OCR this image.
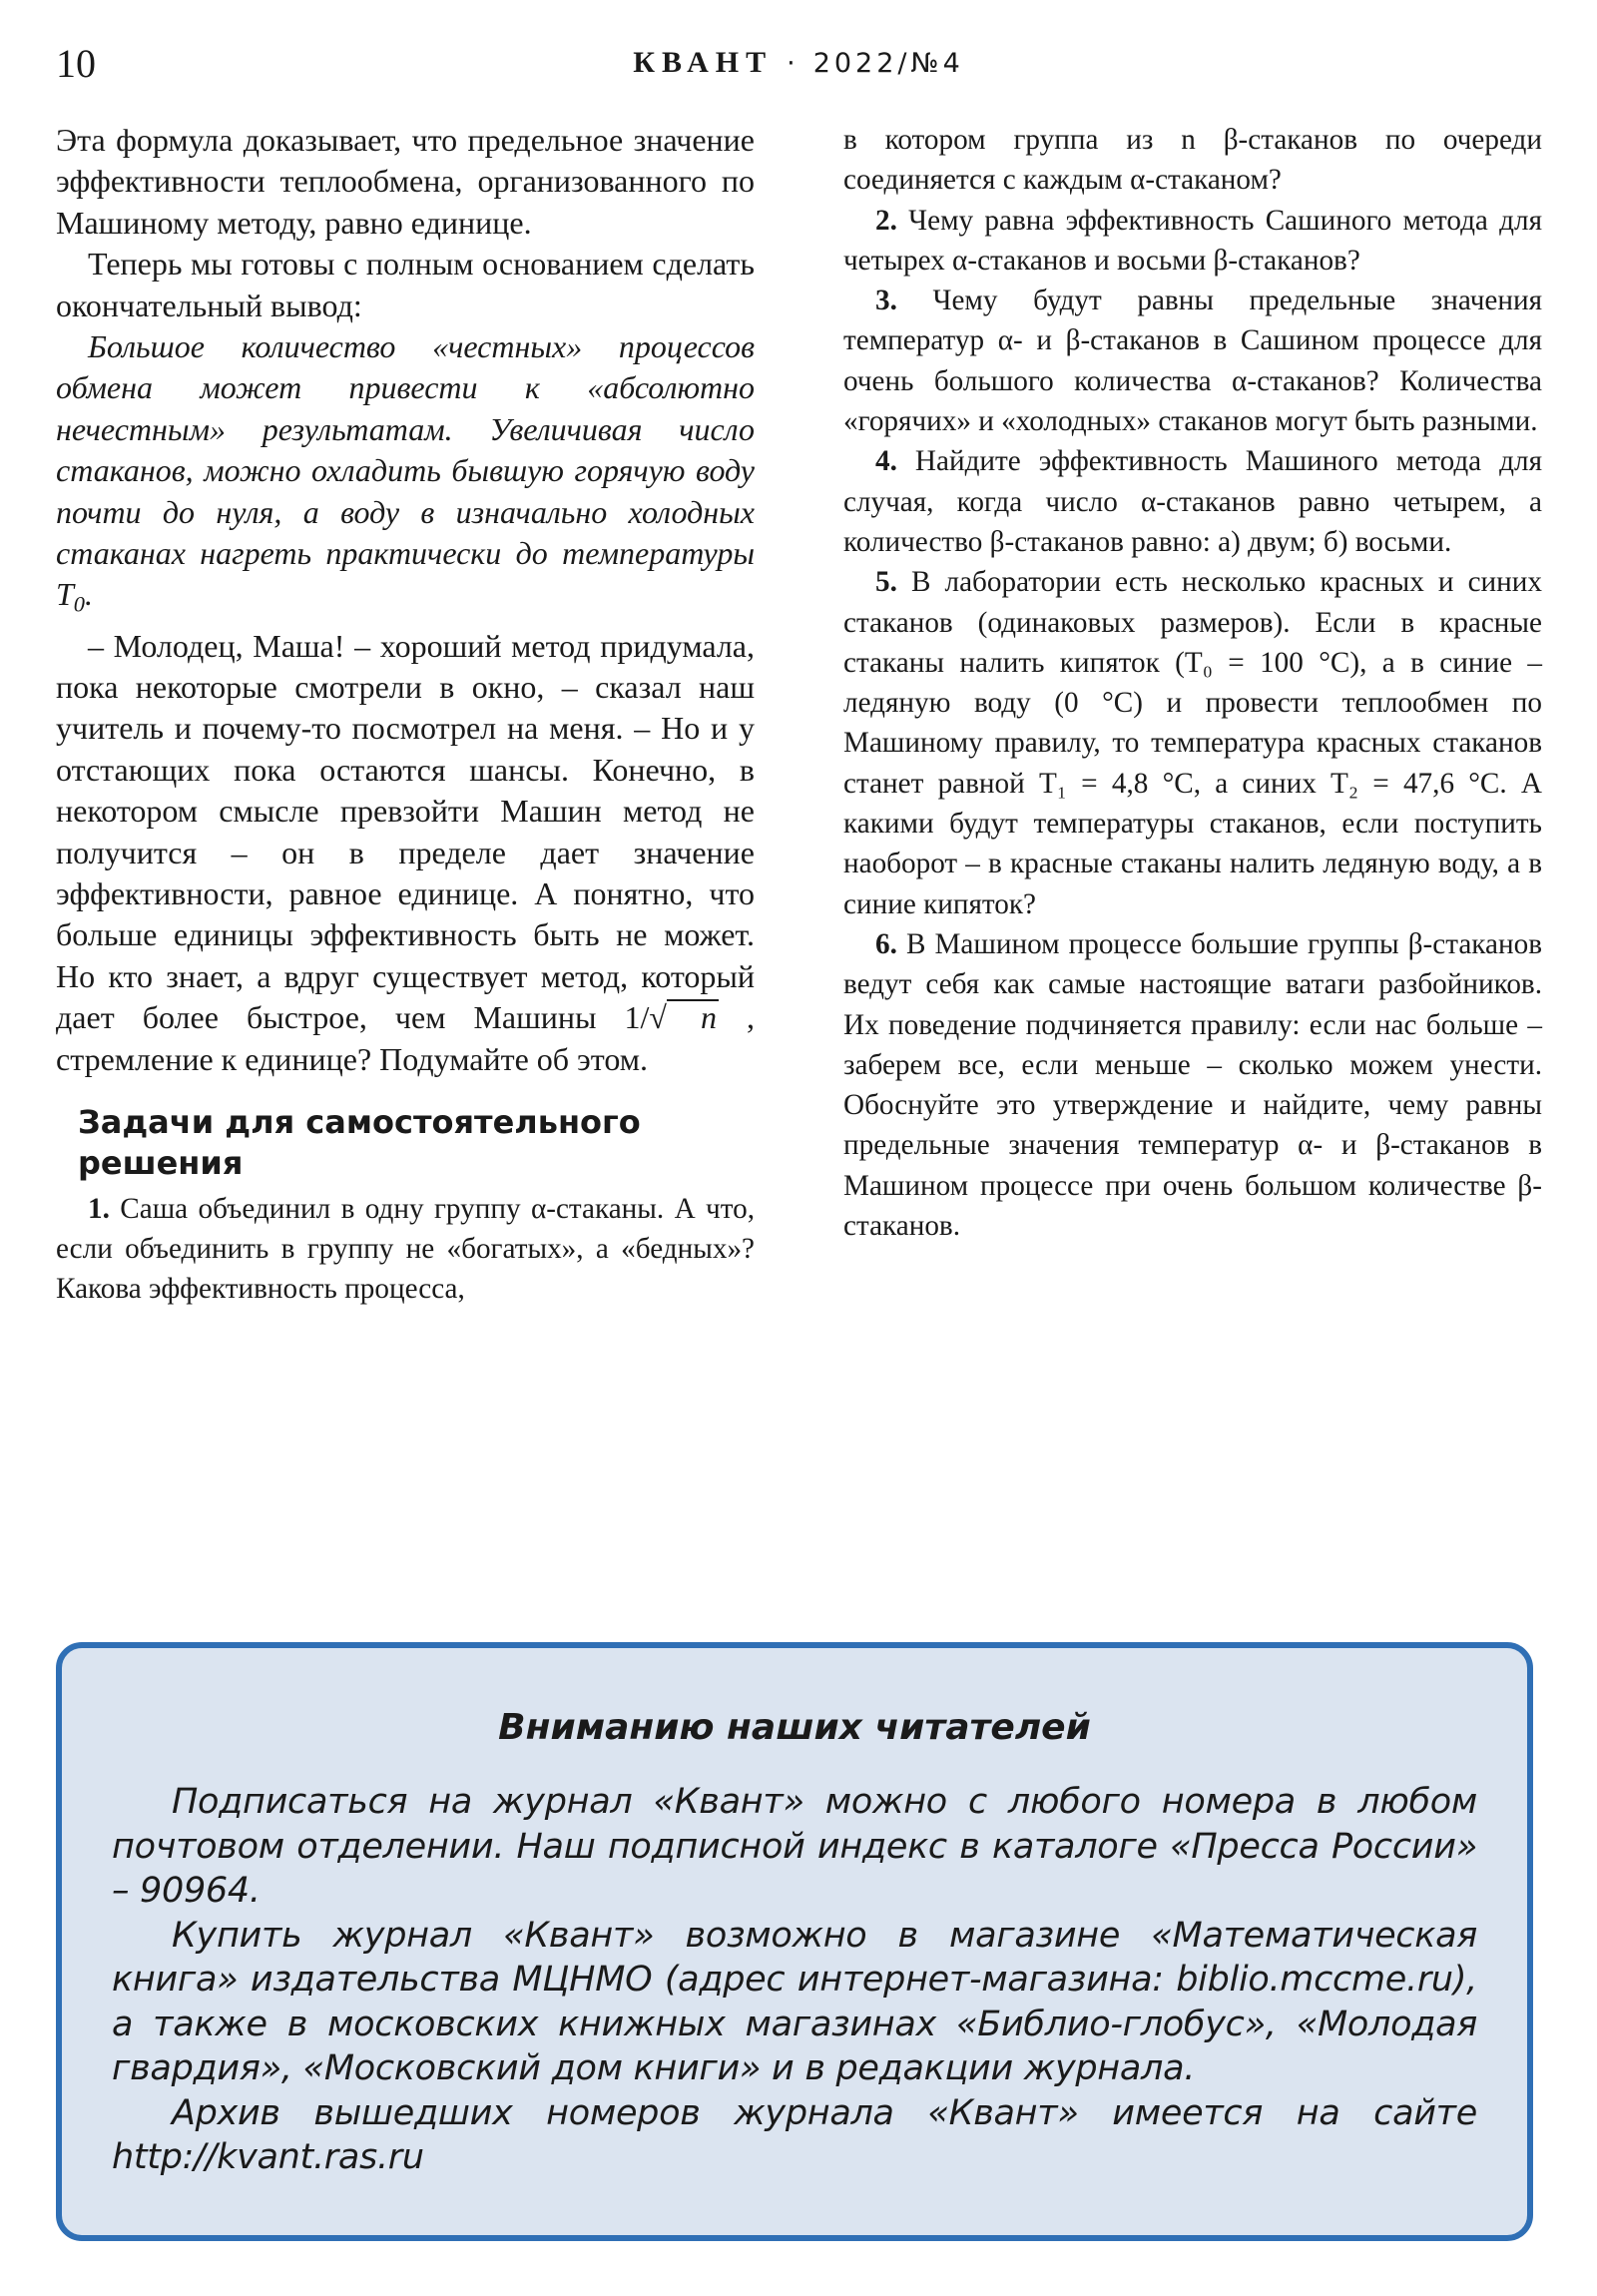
10	КВАНТ · 2022/№4

Эта формула доказывает, что предельное значение эффективности теплообмена, организованного по Машиному методу, равно единице.

Теперь мы готовы с полным основанием сделать окончательный вывод:

Большое количество «честных» процессов обмена может привести к «абсолютно нечестным» результатам. Увеличивая число стаканов, можно охладить бывшую горячую воду почти до нуля, а воду в изначально холодных стаканах нагреть практически до температуры $T_0$.

– Молодец, Маша! – хороший метод придумала, пока некоторые смотрели в окно, – сказал наш учитель и почему-то посмотрел на меня. – Но и у отстающих пока остаются шансы. Конечно, в некотором смысле превзойти Машин метод не получится – он в пределе дает значение эффективности, равное единице. А понятно, что больше единицы эффективность быть не может. Но кто знает, а вдруг существует метод, который дает более быстрое, чем Машины 1/√ n , стремление к единице? Подумайте об этом.

Задачи для самостоятельного решения

1. Саша объединил в одну группу α-стаканы. А что, если объединить в группу не «богатых», а «бедных»? Какова эффективность процесса,

в котором группа из n β-стаканов по очереди соединяется с каждым α-стаканом?

2. Чему равна эффективность Сашиного метода для четырех α-стаканов и восьми β-стаканов?

3. Чему будут равны предельные значения температур α- и β-стаканов в Сашином процессе для очень большого количества α-стаканов? Количества «горячих» и «холодных» стаканов могут быть разными.

4. Найдите эффективность Машиного метода для случая, когда число α-стаканов равно четырем, а количество β-стаканов равно: а) двум; б) восьми.

5. В лаборатории есть несколько красных и синих стаканов (одинаковых размеров). Если в красные стаканы налить кипяток (T₀ = 100 °C), а в синие – ледяную воду (0 °C) и провести теплообмен по Машиному правилу, то температура красных стаканов станет равной T₁ = 4,8 °C, а синих T₂ = 47,6 °C. А какими будут температуры стаканов, если поступить наоборот – в красные стаканы налить ледяную воду, а в синие кипяток?

6. В Машином процессе большие группы β-стаканов ведут себя как самые настоящие ватаги разбойников. Их поведение подчиняется правилу: если нас больше – заберем все, если меньше – сколько можем унести. Обоснуйте это утверждение и найдите, чему равны предельные значения температур α- и β-стаканов в Машином процессе при очень большом количестве β-стаканов.

Вниманию наших читателей

Подписаться на журнал «Квант» можно с любого номера в любом почтовом отделении. Наш подписной индекс в каталоге «Пресса России» – 90964.

Купить журнал «Квант» возможно в магазине «Математическая книга» издательства МЦНМО (адрес интернет-магазина: biblio.mccme.ru), а также в московских книжных магазинах «Библио-глобус», «Молодая гвардия», «Московский дом книги» и в редакции журнала.

Архив вышедших номеров журнала «Квант» имеется на сайте http://kvant.ras.ru
